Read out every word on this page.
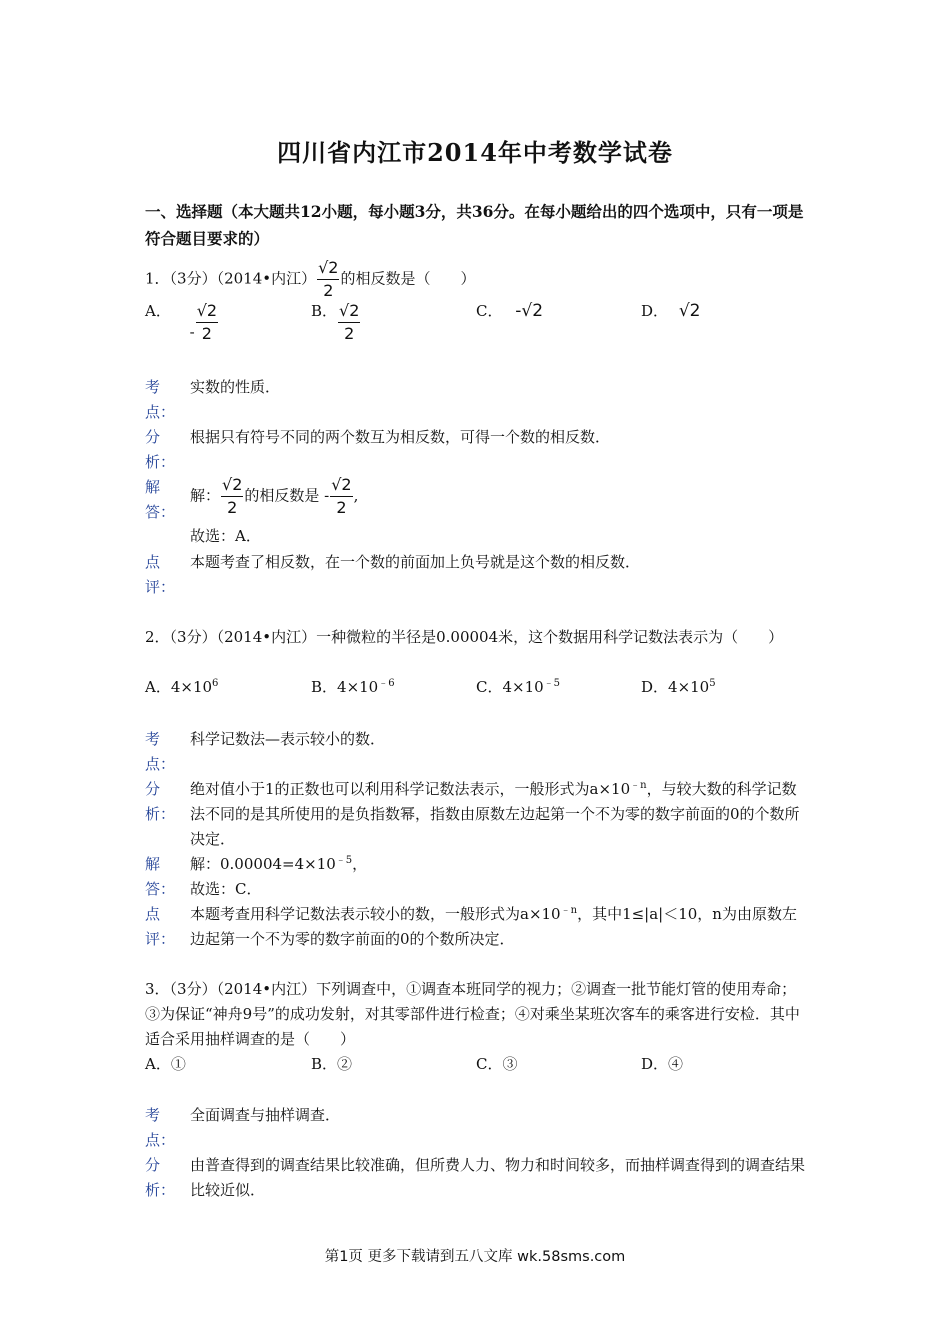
四川省内江市2014年中考数学试卷
一、选择题（本大题共12小题，每小题3分，共36分。在每小题给出的四个选项中，只有一项是符合题目要求的）
1．（3分）（2014•内江） $\frac{√2}{2}$ 的相反数是（　　）
A． - $\frac{√2}{2}$	B． $\frac{√2}{2}$	C． -√2	D． √2
考
点：
实数的性质．
分
析：
根据只有符号不同的两个数互为相反数，可得一个数的相反数．
解
答：
解： $\frac{√2}{2}$ 的相反数是 - $\frac{√2}{2}$ ,
故选：A．
点
评：
本题考查了相反数，在一个数的前面加上负号就是这个数的相反数．
2．（3分）（2014•内江）一种微粒的半径是0.00004米，这个数据用科学记数法表示为（　　）
A．$4\times 10^6$	B．$4\times 10^{﹣6}$	C．$4\times 10^{﹣5}$	D．$4\times 10^5$
考
点：
科学记数法—表示较小的数．
分
析：
绝对值小于1的正数也可以利用科学记数法表示，一般形式为$a\times 10^{﹣n}$，与较大数的科学记数法不同的是其所使用的是负指数幂，指数由原数左边起第一个不为零的数字前面的0的个数所决定．
解
答：
解：$0.00004=4\times 10^{﹣5}$，
故选：C．
点
评：
本题考查用科学记数法表示较小的数，一般形式为$a\times 10^{﹣n}$，其中1≤|a|＜10，n为由原数左边起第一个不为零的数字前面的0的个数所决定．
3．（3分）（2014•内江）下列调查中，①调查本班同学的视力；②调查一批节能灯管的使用寿命；③为保证“神舟9号”的成功发射，对其零部件进行检查；④对乘坐某班次客车的乘客进行安检．其中适合采用抽样调查的是（　　）
A．①	B．②	C．③	D．④
考
点：
全面调查与抽样调查．
分
析：
由普查得到的调查结果比较准确，但所费人力、物力和时间较多，而抽样调查得到的调查结果比较近似．
第1页 更多下载请到五八文库 wk.58sms.com
